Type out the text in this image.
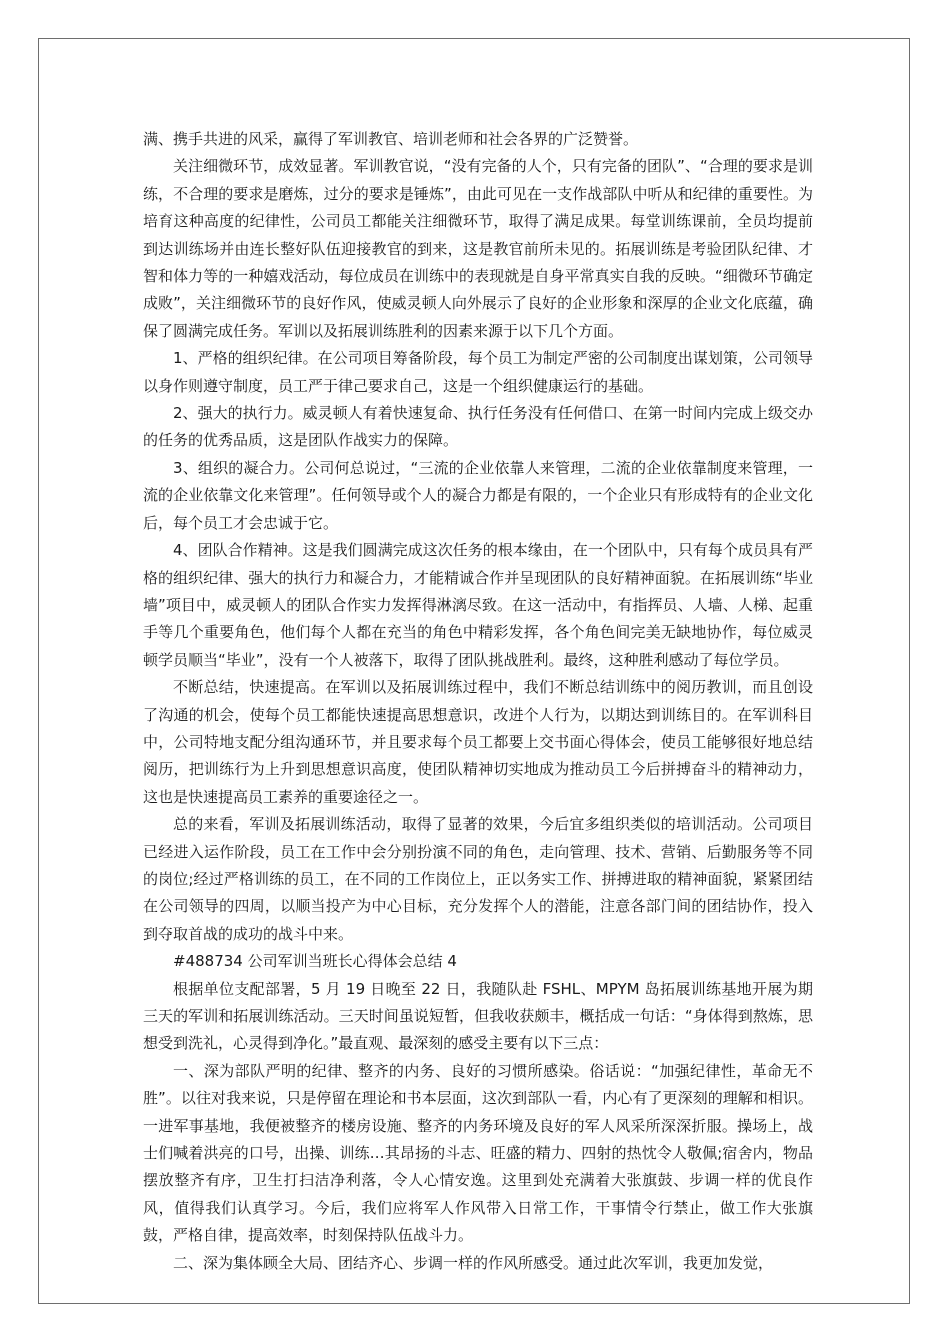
满、携手共进的风采，赢得了军训教官、培训老师和社会各界的广泛赞誉。

关注细微环节，成效显著。军训教官说，“没有完备的人个，只有完备的团队”、“合理的要求是训练，不合理的要求是磨炼，过分的要求是锤炼”，由此可见在一支作战部队中听从和纪律的重要性。为培育这种高度的纪律性，公司员工都能关注细微环节，取得了满足成果。每堂训练课前，全员均提前到达训练场并由连长整好队伍迎接教官的到来，这是教官前所未见的。拓展训练是考验团队纪律、才智和体力等的一种嬉戏活动，每位成员在训练中的表现就是自身平常真实自我的反映。“细微环节确定成败”，关注细微环节的良好作风，使威灵顿人向外展示了良好的企业形象和深厚的企业文化底蕴，确保了圆满完成任务。军训以及拓展训练胜利的因素来源于以下几个方面。

1、严格的组织纪律。在公司项目筹备阶段，每个员工为制定严密的公司制度出谋划策，公司领导以身作则遵守制度，员工严于律己要求自己，这是一个组织健康运行的基础。

2、强大的执行力。威灵顿人有着快速复命、执行任务没有任何借口、在第一时间内完成上级交办的任务的优秀品质，这是团队作战实力的保障。

3、组织的凝合力。公司何总说过，“三流的企业依靠人来管理，二流的企业依靠制度来管理，一流的企业依靠文化来管理”。任何领导或个人的凝合力都是有限的，一个企业只有形成特有的企业文化后，每个员工才会忠诚于它。

4、团队合作精神。这是我们圆满完成这次任务的根本缘由，在一个团队中，只有每个成员具有严格的组织纪律、强大的执行力和凝合力，才能精诚合作并呈现团队的良好精神面貌。在拓展训练“毕业墙”项目中，威灵顿人的团队合作实力发挥得淋漓尽致。在这一活动中，有指挥员、人墙、人梯、起重手等几个重要角色，他们每个人都在充当的角色中精彩发挥，各个角色间完美无缺地协作，每位威灵顿学员顺当“毕业”，没有一个人被落下，取得了团队挑战胜利。最终，这种胜利感动了每位学员。

不断总结，快速提高。在军训以及拓展训练过程中，我们不断总结训练中的阅历教训，而且创设了沟通的机会，使每个员工都能快速提高思想意识，改进个人行为，以期达到训练目的。在军训科目中，公司特地支配分组沟通环节，并且要求每个员工都要上交书面心得体会，使员工能够很好地总结阅历，把训练行为上升到思想意识高度，使团队精神切实地成为推动员工今后拼搏奋斗的精神动力，这也是快速提高员工素养的重要途径之一。

总的来看，军训及拓展训练活动，取得了显著的效果，今后宜多组织类似的培训活动。公司项目已经进入运作阶段，员工在工作中会分别扮演不同的角色，走向管理、技术、营销、后勤服务等不同的岗位;经过严格训练的员工，在不同的工作岗位上，正以务实工作、拼搏进取的精神面貌，紧紧团结在公司领导的四周，以顺当投产为中心目标，充分发挥个人的潜能，注意各部门间的团结协作，投入到夺取首战的成功的战斗中来。

#488734 公司军训当班长心得体会总结 4

根据单位支配部署，5 月 19 日晚至 22 日，我随队赴 FSHL、MPYM 岛拓展训练基地开展为期三天的军训和拓展训练活动。三天时间虽说短暂，但我收获颇丰，概括成一句话：“身体得到熬炼，思想受到洗礼，心灵得到净化。”最直观、最深刻的感受主要有以下三点：

一、深为部队严明的纪律、整齐的内务、良好的习惯所感染。俗话说：“加强纪律性，革命无不胜”。以往对我来说，只是停留在理论和书本层面，这次到部队一看，内心有了更深刻的理解和相识。一进军事基地，我便被整齐的楼房设施、整齐的内务环境及良好的军人风采所深深折服。操场上，战士们喊着洪亮的口号，出操、训练…其昂扬的斗志、旺盛的精力、四射的热忱令人敬佩;宿舍内，物品摆放整齐有序，卫生打扫洁净利落，令人心情安逸。这里到处充满着大张旗鼓、步调一样的优良作风，值得我们认真学习。今后，我们应将军人作风带入日常工作，干事情令行禁止，做工作大张旗鼓，严格自律，提高效率，时刻保持队伍战斗力。

二、深为集体顾全大局、团结齐心、步调一样的作风所感受。通过此次军训，我更加发觉，
